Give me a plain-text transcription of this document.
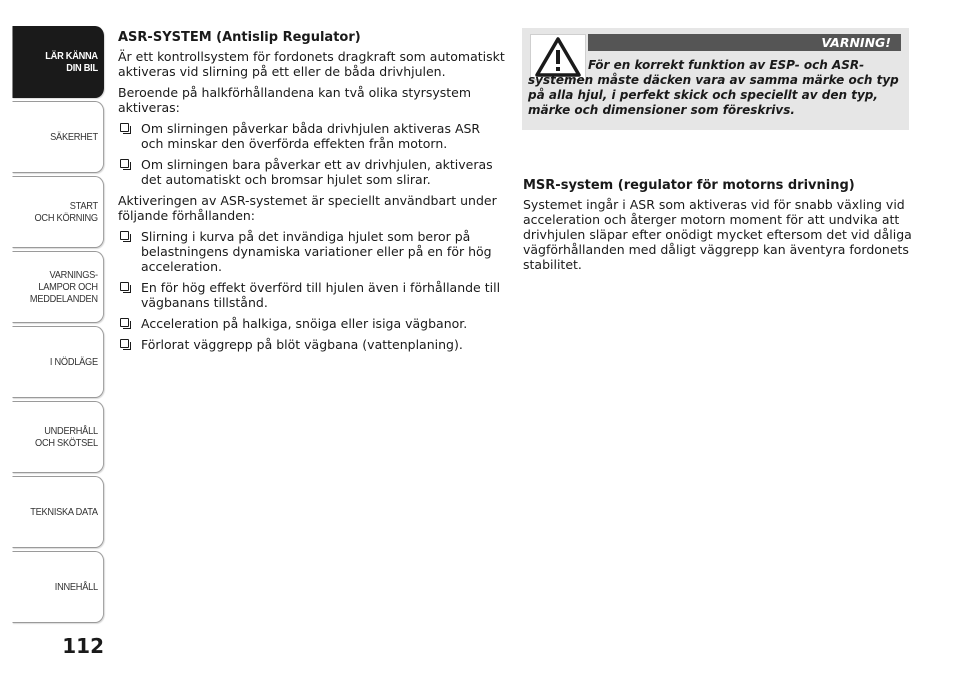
LÄR KÄNNA
DIN BIL
SÄKERHET
START
OCH KÖRNING
VARNINGS-
LAMPOR OCH
MEDDELANDEN
I NÖDLÄGE
UNDERHÅLL
OCH SKÖTSEL
TEKNISKA DATA
INNEHÅLL
112
ASR-SYSTEM (Antislip Regulator)

Är ett kontrollsystem för fordonets dragkraft som automatiskt aktiveras vid slirning på ett eller de båda drivhjulen.

Beroende på halkförhållandena kan två olika styrsystem aktiveras:

Om slirningen påverkar båda drivhjulen aktiveras ASR och minskar den överförda effekten från motorn.
Om slirningen bara påverkar ett av drivhjulen, aktiveras det automatiskt och bromsar hjulet som slirar.

Aktiveringen av ASR-systemet är speciellt användbart under följande förhållanden:

Slirning i kurva på det invändiga hjulet som beror på belastningens dynamiska variationer eller på en för hög acceleration.
En för hög effekt överförd till hjulen även i förhållande till vägbanans tillstånd.
Acceleration på halkiga, snöiga eller isiga vägbanor.
Förlorat väggrepp på blöt vägbana (vattenplaning).
VARNING!
För en korrekt funktion av ESP- och ASR-systemen måste däcken vara av samma märke och typ på alla hjul, i perfekt skick och speciellt av den typ, märke och dimensioner som föreskrivs.
MSR-system (regulator för motorns drivning)

Systemet ingår i ASR som aktiveras vid för snabb växling vid acceleration och återger motorn moment för att undvika att drivhjulen släpar efter onödigt mycket eftersom det vid dåliga vägförhållanden med dåligt väggrepp kan äventyra fordonets stabilitet.
